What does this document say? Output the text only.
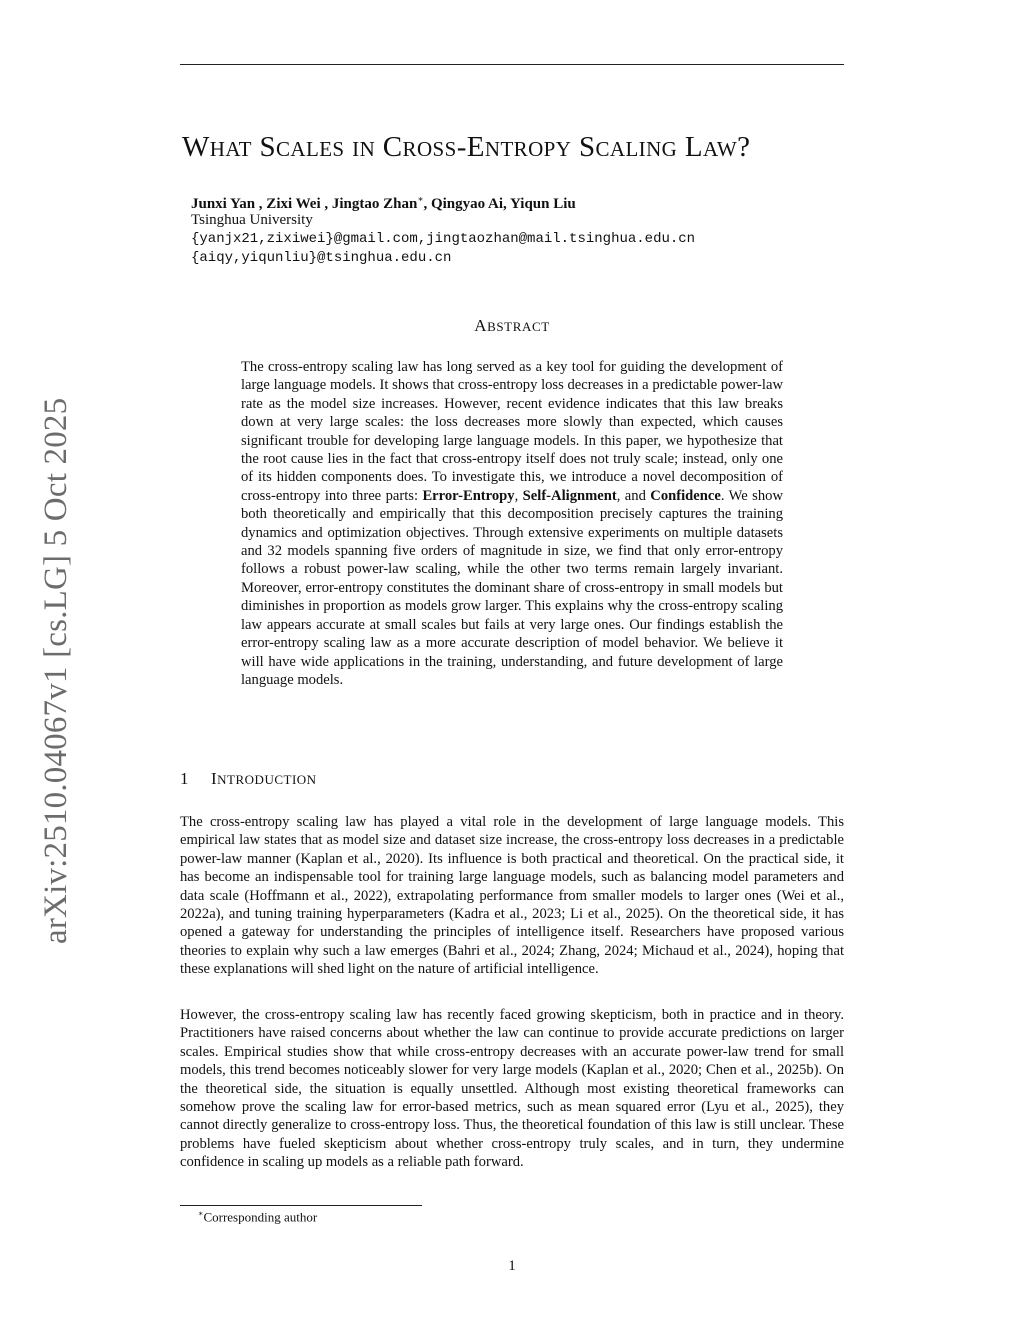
arXiv:2510.04067v1 [cs.LG] 5 Oct 2025
WHAT SCALES IN CROSS-ENTROPY SCALING LAW?
Junxi Yan , Zixi Wei , Jingtao Zhan∗, Qingyao Ai, Yiqun Liu
Tsinghua University
{yanjx21,zixiwei}@gmail.com,jingtaozhan@mail.tsinghua.edu.cn
{aiqy,yiqunliu}@tsinghua.edu.cn
ABSTRACT

The cross-entropy scaling law has long served as a key tool for guiding the development of large language models. It shows that cross-entropy loss decreases in a predictable power-law rate as the model size increases. However, recent evidence indicates that this law breaks down at very large scales: the loss decreases more slowly than expected, which causes significant trouble for developing large language models. In this paper, we hypothesize that the root cause lies in the fact that cross-entropy itself does not truly scale; instead, only one of its hidden components does. To investigate this, we introduce a novel decomposition of cross-entropy into three parts: Error-Entropy, Self-Alignment, and Confidence. We show both theoretically and empirically that this decomposition precisely captures the training dynamics and optimization objectives. Through extensive experiments on multiple datasets and 32 models spanning five orders of magnitude in size, we find that only error-entropy follows a robust power-law scaling, while the other two terms remain largely invariant. Moreover, error-entropy constitutes the dominant share of cross-entropy in small models but diminishes in proportion as models grow larger. This explains why the cross-entropy scaling law appears accurate at small scales but fails at very large ones. Our findings establish the error-entropy scaling law as a more accurate description of model behavior. We believe it will have wide applications in the training, understanding, and future development of large language models.

1 INTRODUCTION

The cross-entropy scaling law has played a vital role in the development of large language models. This empirical law states that as model size and dataset size increase, the cross-entropy loss decreases in a predictable power-law manner (Kaplan et al., 2020). Its influence is both practical and theoretical. On the practical side, it has become an indispensable tool for training large language models, such as balancing model parameters and data scale (Hoffmann et al., 2022), extrapolating performance from smaller models to larger ones (Wei et al., 2022a), and tuning training hyperparameters (Kadra et al., 2023; Li et al., 2025). On the theoretical side, it has opened a gateway for understanding the principles of intelligence itself. Researchers have proposed various theories to explain why such a law emerges (Bahri et al., 2024; Zhang, 2024; Michaud et al., 2024), hoping that these explanations will shed light on the nature of artificial intelligence.

However, the cross-entropy scaling law has recently faced growing skepticism, both in practice and in theory. Practitioners have raised concerns about whether the law can continue to provide accurate predictions on larger scales. Empirical studies show that while cross-entropy decreases with an accurate power-law trend for small models, this trend becomes noticeably slower for very large models (Kaplan et al., 2020; Chen et al., 2025b). On the theoretical side, the situation is equally unsettled. Although most existing theoretical frameworks can somehow prove the scaling law for error-based metrics, such as mean squared error (Lyu et al., 2025), they cannot directly generalize to cross-entropy loss. Thus, the theoretical foundation of this law is still unclear. These problems have fueled skepticism about whether cross-entropy truly scales, and in turn, they undermine confidence in scaling up models as a reliable path forward.

∗Corresponding author
1
